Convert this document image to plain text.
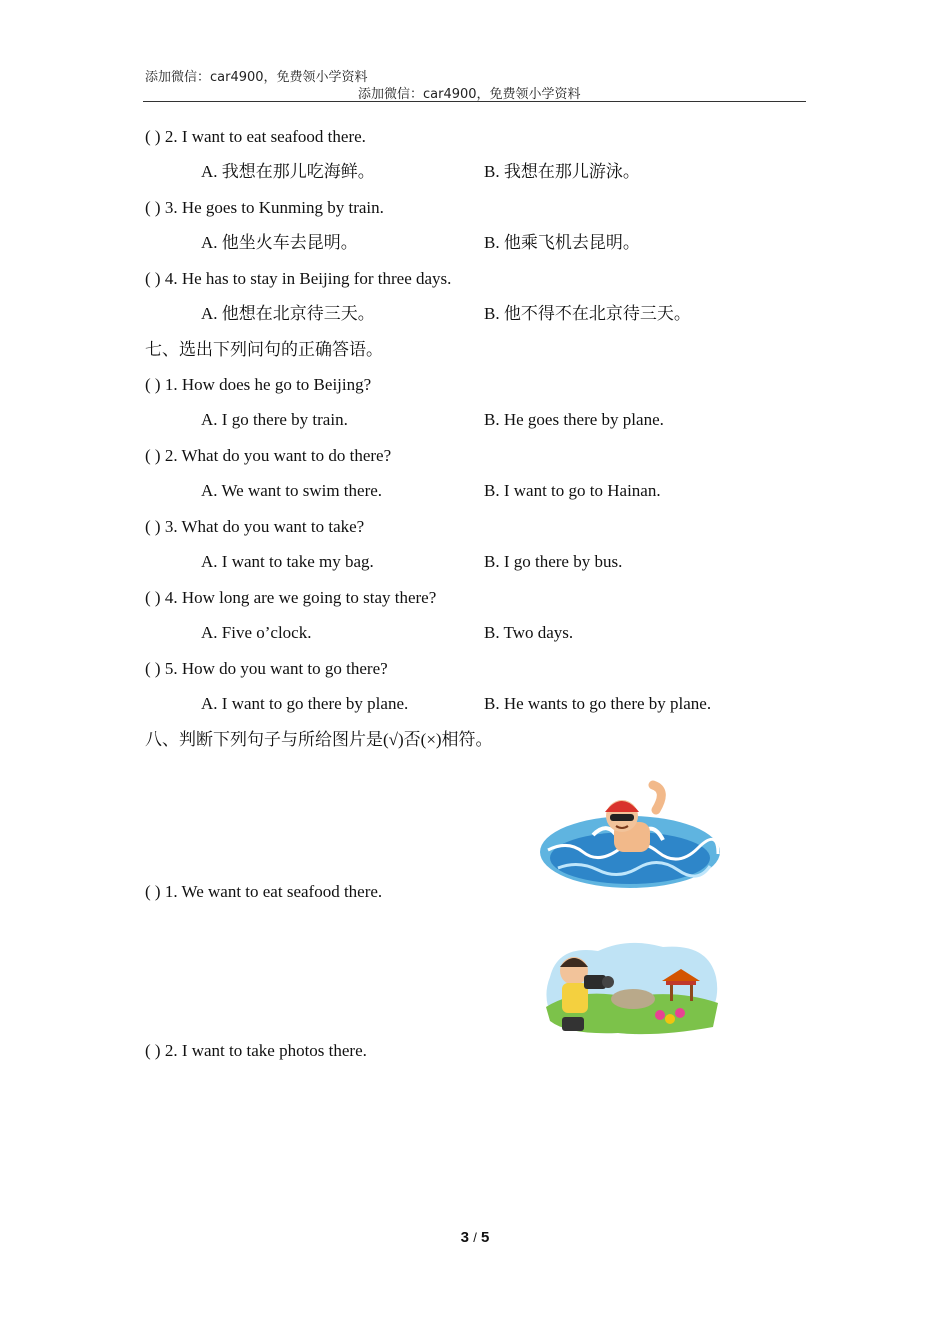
添加微信：car4900，免费领小学资料
添加微信：car4900，免费领小学资料
( ) 2. I want to eat seafood there.
A. 我想在那儿吃海鲜。	B. 我想在那儿游泳。
( ) 3. He goes to Kunming by train.
A. 他坐火车去昆明。	B. 他乘飞机去昆明。
( ) 4. He has to stay in Beijing for three days.
A. 他想在北京待三天。	B. 他不得不在北京待三天。
七、选出下列问句的正确答语。
( ) 1. How does he go to Beijing?
A. I go there by train.	B. He goes there by plane.
( ) 2. What do you want to do there?
A. We want to swim there.	B. I want to go to Hainan.
( ) 3. What do you want to take?
A. I want to take my bag.	B. I go there by bus.
( ) 4. How long are we going to stay there?
A. Five o’clock.	B. Two days.
( ) 5. How do you want to go there?
A. I want to go there by plane.	B. He wants to go there by plane.
八、判断下列句子与所给图片是(√)否(×)相符。
( ) 1. We want to eat seafood there.
( ) 2. I want to take photos there.
3 / 5
